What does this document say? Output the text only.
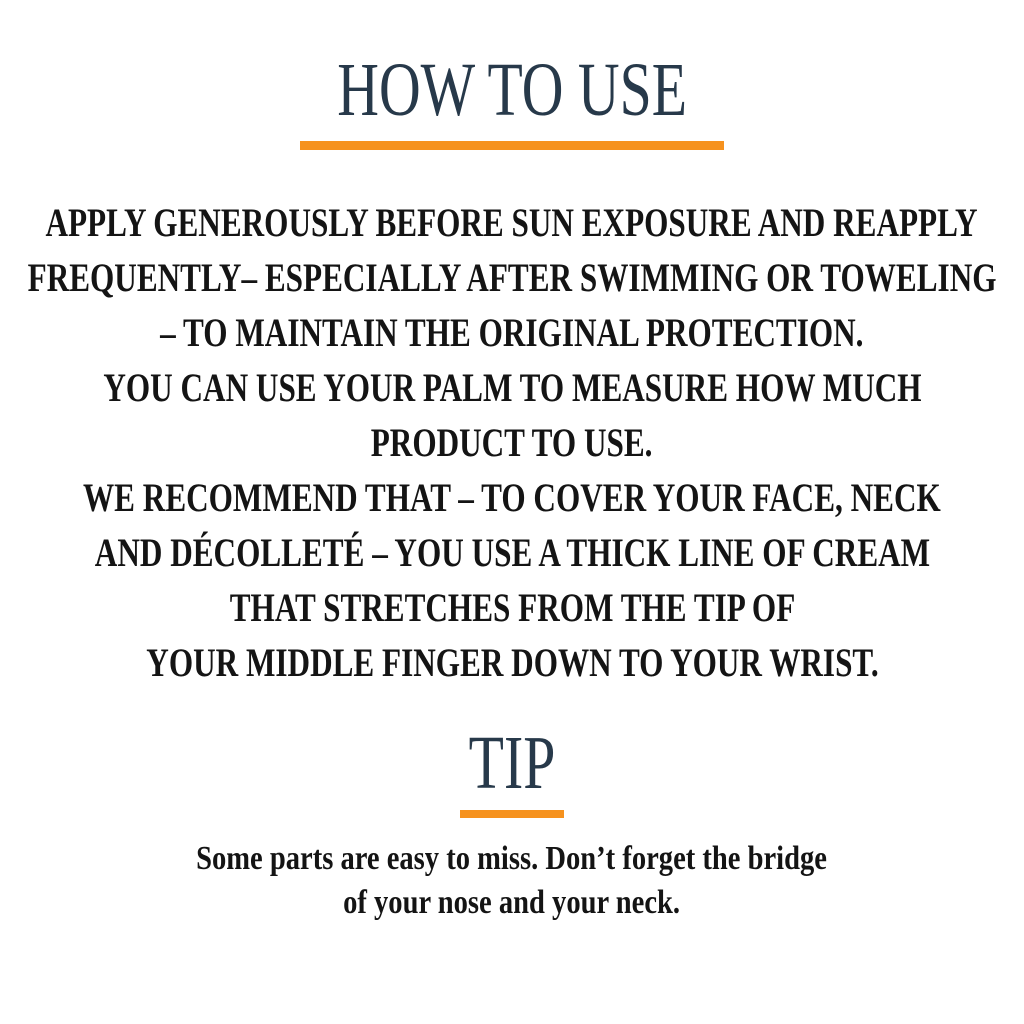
HOW TO USE
APPLY GENEROUSLY BEFORE SUN EXPOSURE AND REAPPLY
FREQUENTLY– ESPECIALLY AFTER SWIMMING OR TOWELING
– TO MAINTAIN THE ORIGINAL PROTECTION.
YOU CAN USE YOUR PALM TO MEASURE HOW MUCH
PRODUCT TO USE.
WE RECOMMEND THAT – TO COVER YOUR FACE, NECK
AND DÉCOLLETÉ – YOU USE A THICK LINE OF CREAM
THAT STRETCHES FROM THE TIP OF
YOUR MIDDLE FINGER DOWN TO YOUR WRIST.
TIP
Some parts are easy to miss. Don’t forget the bridge
of your nose and your neck.
